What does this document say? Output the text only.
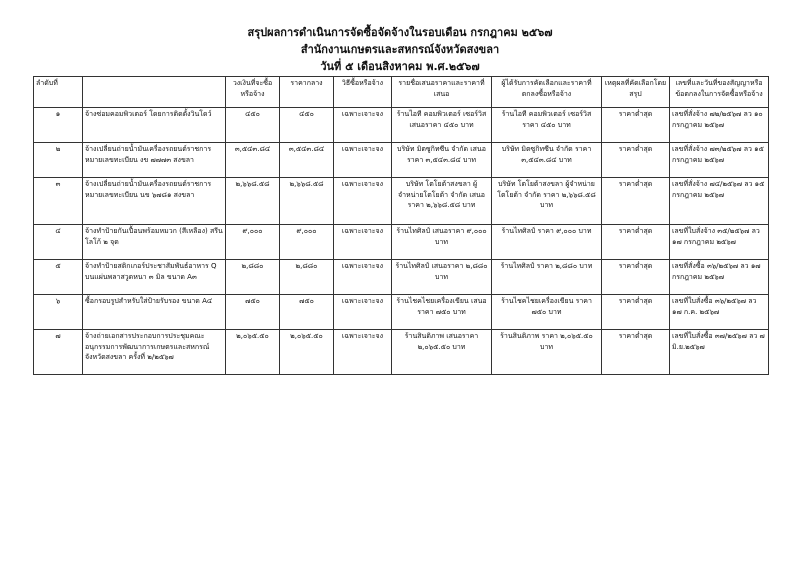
สรุปผลการดำเนินการจัดซื้อจัดจ้างในรอบเดือน กรกฎาคม ๒๕๖๗
สำนักงานเกษตรและสหกรณ์จังหวัดสงขลา
วันที่ ๕ เดือนสิงหาคม พ.ศ.๒๕๖๗
ลำดับที่		วงเงินที่จะซื้อหรือจ้าง	ราคากลาง	วิธีซื้อหรือจ้าง	รายชื่อเสนอราคาและราคาที่เสนอ	ผู้ได้รับการคัดเลือกและราคาที่ตกลงซื้อหรือจ้าง	เหตุผลที่คัดเลือกโดยสรุป	เลขที่และวันที่ของสัญญาหรือข้อตกลงในการจัดซื้อหรือจ้าง
๑	จ้างซ่อมคอมพิวเตอร์ โดยการติดตั้งวินโดว์	๔๕๐	๔๕๐	เฉพาะเจาะจง	ร้านไอที คอมพิวเตอร์ เซอร์วิส เสนอราคา ๔๕๐ บาท	ร้านไอที คอมพิวเตอร์ เซอร์วิส ราคา ๔๕๐ บาท	ราคาต่ำสุด	เลขที่สั่งจ้าง ๗๒/๒๕๖๗ ลว ๑๐ กรกฎาคม ๒๕๖๗
๒	จ้างเปลี่ยนถ่ายน้ำมันเครื่องรถยนต์ราชการ หมายเลขทะเบียน งข ๗๗๗๓ สงขลา	๓,๕๔๓.๘๔	๓,๕๔๓.๘๔	เฉพาะเจาะจง	บริษัท มิตซูกิทซีน จำกัด เสนอราคา ๓,๕๔๓.๘๔ บาท	บริษัท มิตซูกิทซีน จำกัด ราคา ๓,๕๔๓.๘๔ บาท	ราคาต่ำสุด	เลขที่สั่งจ้าง ๗๓/๒๕๖๗ ลว ๑๕ กรกฎาคม ๒๕๖๗
๓	จ้างเปลี่ยนถ่ายน้ำมันเครื่องรถยนต์ราชการ หมายเลขทะเบียน นข ๖๗๘๑ สงขลา	๒,๖๖๘.๕๘	๒,๖๖๘.๕๘	เฉพาะเจาะจง	บริษัท โตโยต้าสงขลา ผู้จำหน่ายโตโยต้า จำกัด เสนอราคา ๒,๖๖๘.๕๘ บาท	บริษัท โตโยต้าสงขลา ผู้จำหน่ายโตโยต้า จำกัด ราคา ๒,๖๖๘.๕๘ บาท	ราคาต่ำสุด	เลขที่สั่งจ้าง ๗๔/๒๕๖๗ ลว ๑๕ กรกฎาคม ๒๕๖๗
๔	จ้างทำป้ายกันเปื้อนพร้อมหมวก (สีเหลือง) สรีนโลโก้ ๒ จุด	๙,๐๐๐	๙,๐๐๐	เฉพาะเจาะจง	ร้านไทศิลป์ เสนอราคา ๙,๐๐๐ บาท	ร้านไทศิลป์ ราคา ๙,๐๐๐ บาท	ราคาต่ำสุด	เลขที่ใบสั่งจ้าง ๓๕/๒๕๖๗ ลว ๑๗ กรกฎาคม ๒๕๖๗
๕	จ้างทำป้ายสติกเกอร์ประชาสัมพันธ์อาหาร Q บนแผ่นพลาสวูดหนา ๓ มิล ขนาด A๓	๒,๘๘๐	๒,๘๘๐	เฉพาะเจาะจง	ร้านไทศิลป์ เสนอราคา ๒,๘๘๐ บาท	ร้านไทศิลป์ ราคา ๒,๘๘๐ บาท	ราคาต่ำสุด	เลขที่สั่งซื้อ ๓๖/๒๕๖๗ ลว ๑๗ กรกฎาคม ๒๕๖๗
๖	ซื้อกรอบรูปสำหรับใส่ป้ายรับรอง ขนาด A๔	๗๕๐	๗๕๐	เฉพาะเจาะจง	ร้านไชคไชยเครื่องเขียน เสนอราคา ๗๕๐ บาท	ร้านไชคไชยเครื่องเขียน ราคา ๗๕๐ บาท	ราคาต่ำสุด	เลขที่ใบสั่งซื้อ ๓๖/๒๕๖๗ ลว ๑๗ ก.ค. ๒๕๖๗
๗	จ้างถ่ายเอกสารประกอบการประชุมคณะอนุกรรมการพัฒนาการเกษตรและสหกรณ์จังหวัดสงขลา ครั้งที่ ๒/๒๕๖๗	๒,๐๖๕.๕๐	๒,๐๖๕.๕๐	เฉพาะเจาะจง	ร้านสินติภาพ เสนอราคา ๒,๐๖๕.๕๐ บาท	ร้านสินติภาพ ราคา ๒,๐๖๕.๕๐ บาท	ราคาต่ำสุด	เลขที่ใบสั่งซื้อ ๓๗/๒๕๖๗ ลว ๗ มิ.ย.๒๕๖๗
